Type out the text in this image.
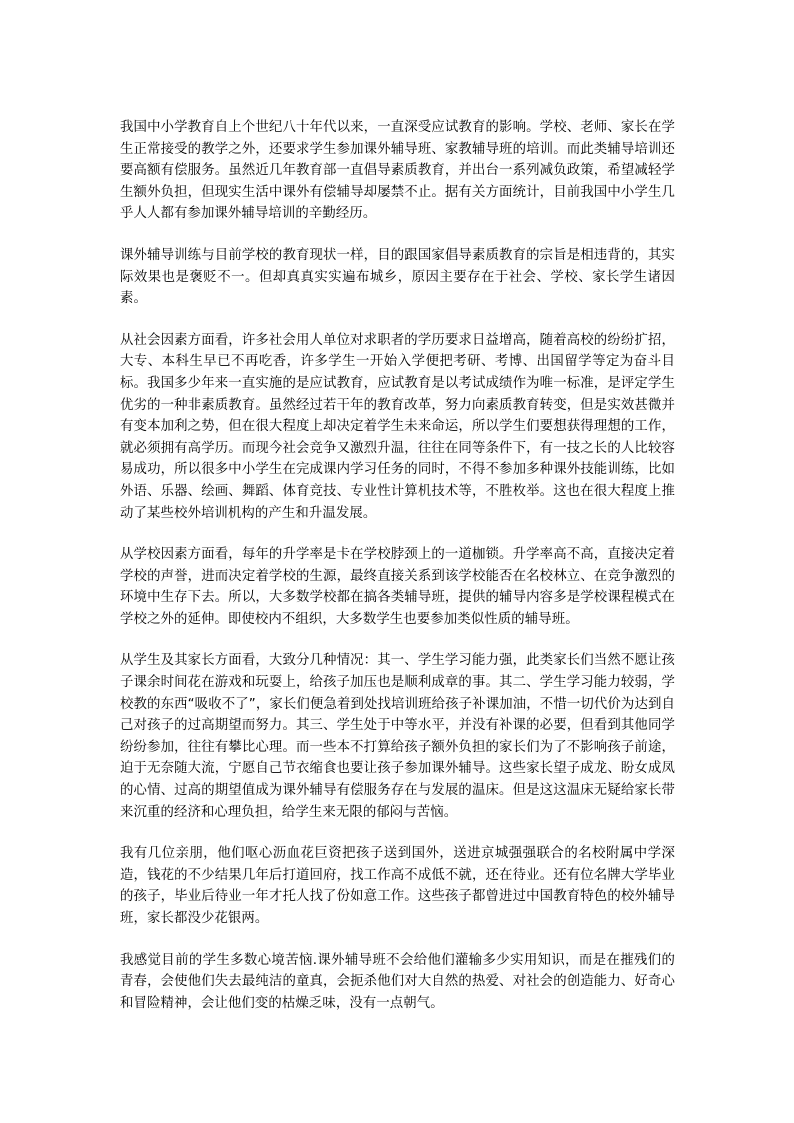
我国中小学教育自上个世纪八十年代以来，一直深受应试教育的影响。学校、老师、家长在学生正常接受的教学之外，还要求学生参加课外辅导班、家教辅导班的培训。而此类辅导培训还要高额有偿服务。虽然近几年教育部一直倡导素质教育，并出台一系列减负政策，希望减轻学生额外负担，但现实生活中课外有偿辅导却屡禁不止。据有关方面统计，目前我国中小学生几乎人人都有参加课外辅导培训的辛勤经历。

课外辅导训练与目前学校的教育现状一样，目的跟国家倡导素质教育的宗旨是相违背的，其实际效果也是褒贬不一。但却真真实实遍布城乡，原因主要存在于社会、学校、家长学生诸因素。

从社会因素方面看，许多社会用人单位对求职者的学历要求日益增高，随着高校的纷纷扩招，大专、本科生早已不再吃香，许多学生一开始入学便把考研、考博、出国留学等定为奋斗目标。我国多少年来一直实施的是应试教育，应试教育是以考试成绩作为唯一标准，是评定学生优劣的一种非素质教育。虽然经过若干年的教育改革，努力向素质教育转变，但是实效甚微并有变本加利之势，但在很大程度上却决定着学生未来命运，所以学生们要想获得理想的工作，就必须拥有高学历。而现今社会竞争又激烈升温，往往在同等条件下，有一技之长的人比较容易成功，所以很多中小学生在完成课内学习任务的同时，不得不参加多种课外技能训练，比如外语、乐器、绘画、舞蹈、体育竞技、专业性计算机技术等，不胜枚举。这也在很大程度上推动了某些校外培训机构的产生和升温发展。

从学校因素方面看，每年的升学率是卡在学校脖颈上的一道枷锁。升学率高不高，直接决定着学校的声誉，进而决定着学校的生源，最终直接关系到该学校能否在名校林立、在竞争激烈的环境中生存下去。所以，大多数学校都在搞各类辅导班，提供的辅导内容多是学校课程模式在学校之外的延伸。即使校内不组织，大多数学生也要参加类似性质的辅导班。

从学生及其家长方面看，大致分几种情况：其一、学生学习能力强，此类家长们当然不愿让孩子课余时间花在游戏和玩耍上，给孩子加压也是顺利成章的事。其二、学生学习能力较弱，学校教的东西“吸收不了”，家长们便急着到处找培训班给孩子补课加油，不惜一切代价为达到自己对孩子的过高期望而努力。其三、学生处于中等水平，并没有补课的必要，但看到其他同学纷纷参加，往往有攀比心理。而一些本不打算给孩子额外负担的家长们为了不影响孩子前途，迫于无奈随大流，宁愿自己节衣缩食也要让孩子参加课外辅导。这些家长望子成龙、盼女成凤的心情、过高的期望值成为课外辅导有偿服务存在与发展的温床。但是这这温床无疑给家长带来沉重的经济和心理负担，给学生来无限的郁闷与苦恼。

我有几位亲朋，他们呕心沥血花巨资把孩子送到国外，送进京城强强联合的名校附属中学深造，钱花的不少结果几年后打道回府，找工作高不成低不就，还在待业。还有位名牌大学毕业的孩子，毕业后待业一年才托人找了份如意工作。这些孩子都曾进过中国教育特色的校外辅导班，家长都没少花银两。

我感觉目前的学生多数心境苦恼.课外辅导班不会给他们灌输多少实用知识，而是在摧残们的青春，会使他们失去最纯洁的童真，会扼杀他们对大自然的热爱、对社会的创造能力、好奇心和冒险精神，会让他们变的枯燥乏味，没有一点朝气。
